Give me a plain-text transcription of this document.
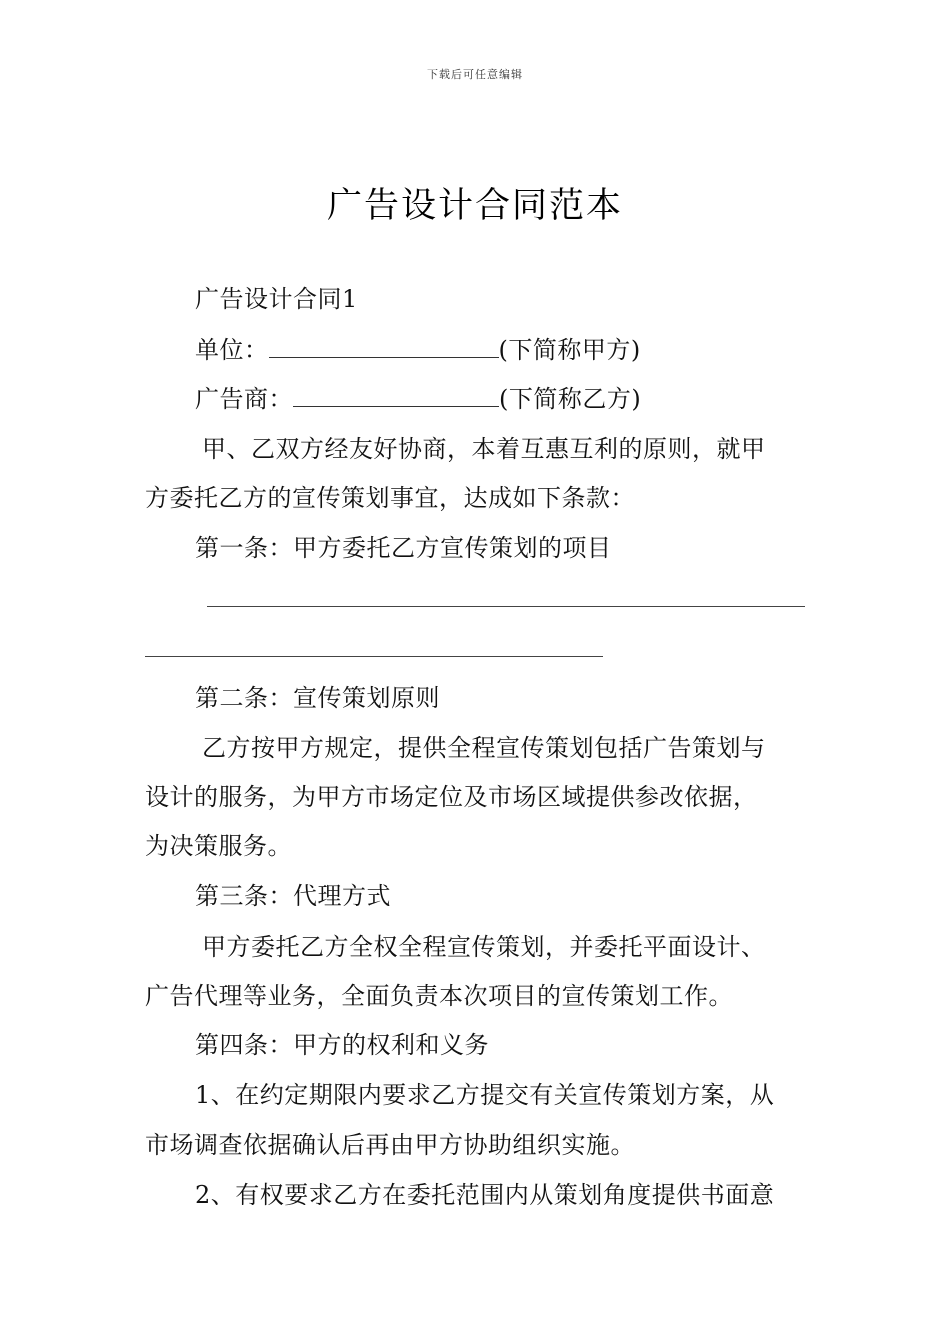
下载后可任意编辑
广告设计合同范本
广告设计合同1
单位：	(下简称甲方)
广告商：	(下简称乙方)
甲、乙双方经友好协商，本着互惠互利的原则，就甲
方委托乙方的宣传策划事宜，达成如下条款：
第一条：甲方委托乙方宣传策划的项目
第二条：宣传策划原则
乙方按甲方规定，提供全程宣传策划包括广告策划与
设计的服务，为甲方市场定位及市场区域提供参改依据，
为决策服务。
第三条：代理方式
甲方委托乙方全权全程宣传策划，并委托平面设计、
广告代理等业务，全面负责本次项目的宣传策划工作。
第四条：甲方的权利和义务
1、在约定期限内要求乙方提交有关宣传策划方案，从
市场调查依据确认后再由甲方协助组织实施。
2、有权要求乙方在委托范围内从策划角度提供书面意
